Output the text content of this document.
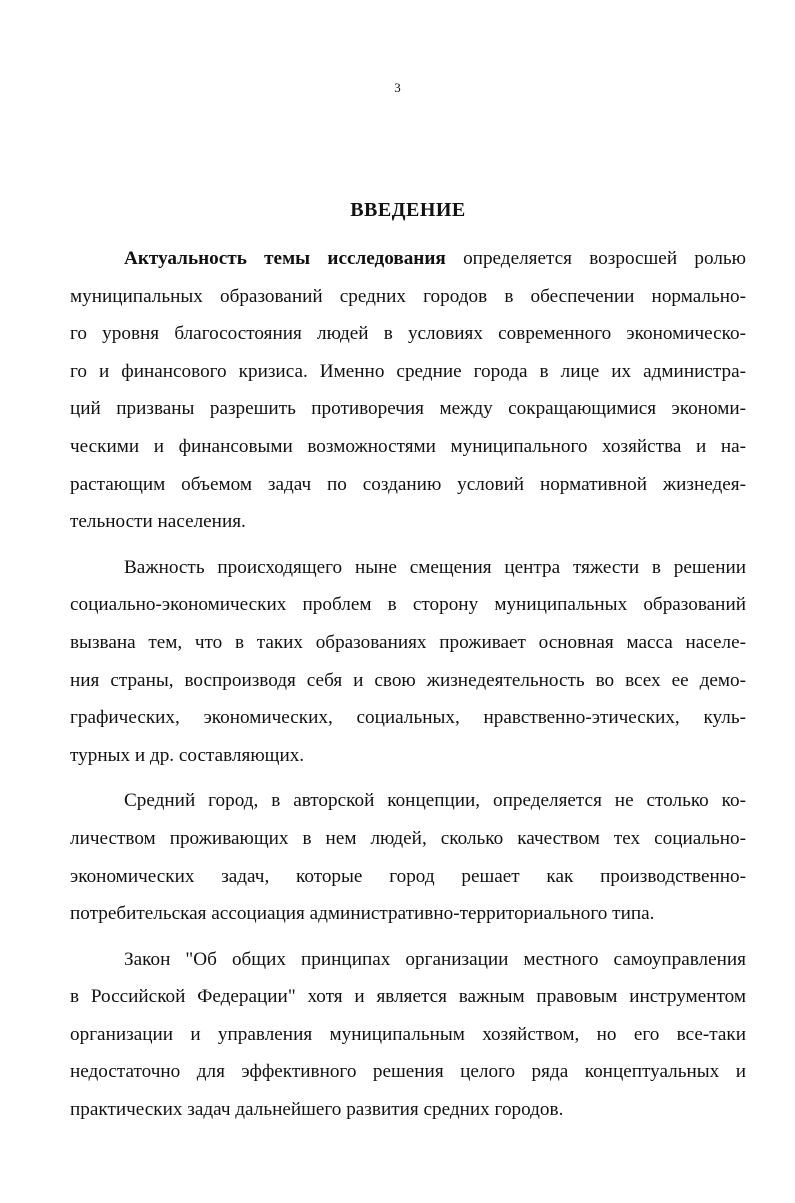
3
ВВЕДЕНИЕ
Актуальность темы исследования определяется возросшей ролью
муниципальных образований средних городов в обеспечении нормально-
го уровня благосостояния людей в условиях современного экономическо-
го и финансового кризиса. Именно средние города в лице их администра-
ций призваны разрешить противоречия между сокращающимися экономи-
ческими и финансовыми возможностями муниципального хозяйства и на-
растающим объемом задач по созданию условий нормативной жизнедея-
тельности населения.
Важность происходящего ныне смещения центра тяжести в решении
социально-экономических проблем в сторону муниципальных образований
вызвана тем, что в таких образованиях проживает основная масса населе-
ния страны, воспроизводя себя и свою жизнедеятельность во всех ее демо-
графических, экономических, социальных, нравственно-этических, куль-
турных и др. составляющих.
Средний город, в авторской концепции, определяется не столько ко-
личеством проживающих в нем людей, сколько качеством тех социально-
экономических задач, которые город решает как производственно-
потребительская ассоциация административно-территориального типа.
Закон "Об общих принципах организации местного самоуправления
в Российской Федерации" хотя и является важным правовым инструментом
организации и управления муниципальным хозяйством, но его все-таки
недостаточно для эффективного решения целого ряда концептуальных и
практических задач дальнейшего развития средних городов.
